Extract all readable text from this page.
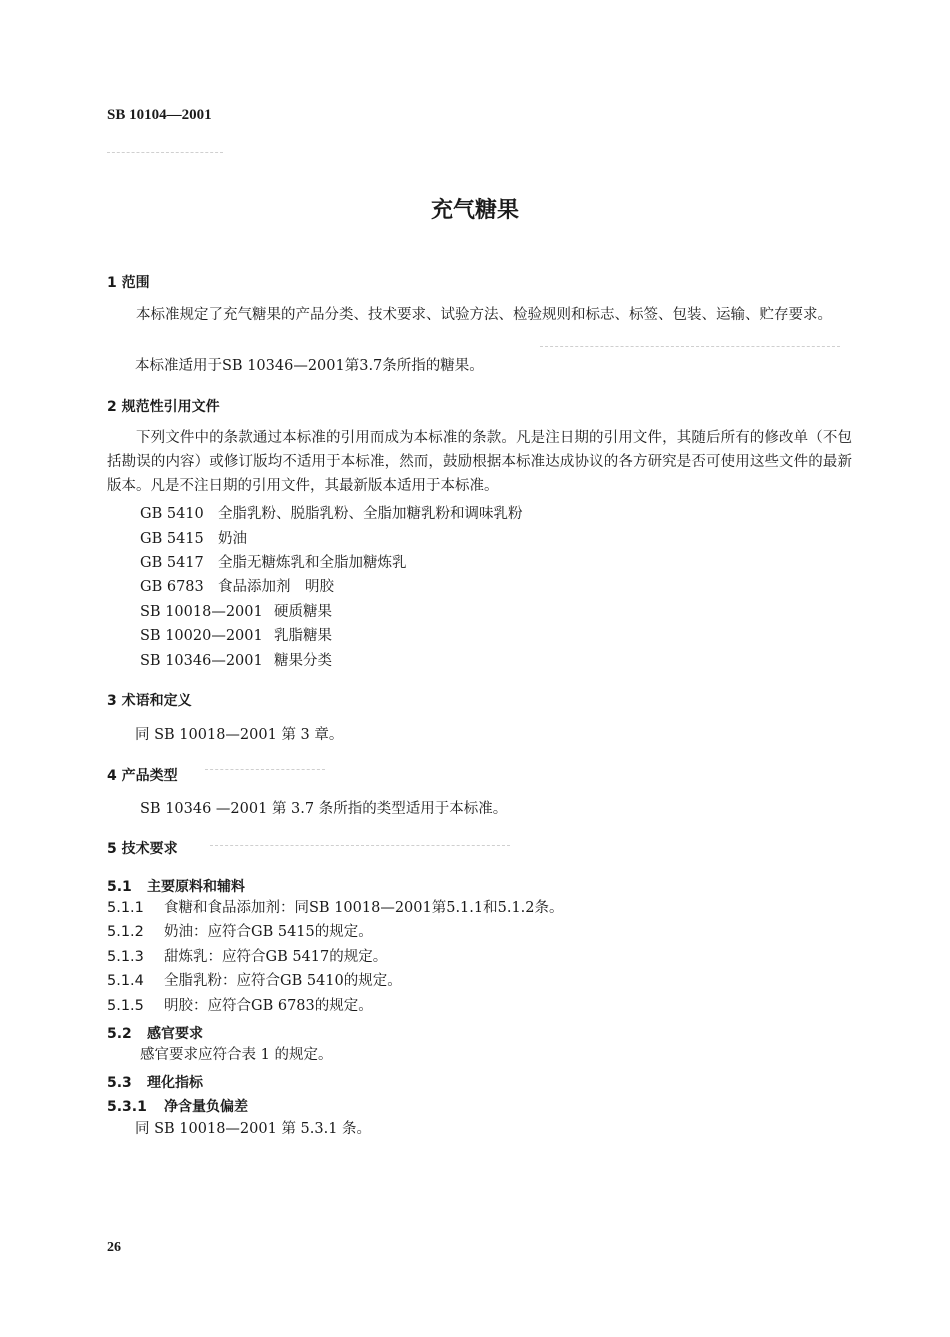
SB 10104—2001
充气糖果
1 范围
本标准规定了充气糖果的产品分类、技术要求、试验方法、检验规则和标志、标签、包装、运输、贮存要求。
本标准适用于SB 10346—2001第3.7条所指的糖果。
2 规范性引用文件
下列文件中的条款通过本标准的引用而成为本标准的条款。凡是注日期的引用文件，其随后所有的修改单（不包括勘误的内容）或修订版均不适用于本标准，然而，鼓励根据本标准达成协议的各方研究是否可使用这些文件的最新版本。凡是不注日期的引用文件，其最新版本适用于本标准。
GB 5410 全脂乳粉、脱脂乳粉、全脂加糖乳粉和调味乳粉
GB 5415 奶油
GB 5417 全脂无糖炼乳和全脂加糖炼乳
GB 6783 食品添加剂　明胶
SB 10018—2001 硬质糖果
SB 10020—2001 乳脂糖果
SB 10346—2001 糖果分类
3 术语和定义
同 SB 10018—2001 第 3 章。
4 产品类型
SB 10346 —2001 第 3.7 条所指的类型适用于本标准。
5 技术要求
5.1 主要原料和辅料
5.1.1 食糖和食品添加剂：同SB 10018—2001第5.1.1和5.1.2条。
5.1.2 奶油：应符合GB 5415的规定。
5.1.3 甜炼乳：应符合GB 5417的规定。
5.1.4 全脂乳粉：应符合GB 5410的规定。
5.1.5 明胶：应符合GB 6783的规定。
5.2 感官要求
感官要求应符合表 1 的规定。
5.3 理化指标
5.3.1 净含量负偏差
同 SB 10018—2001 第 5.3.1 条。
26
